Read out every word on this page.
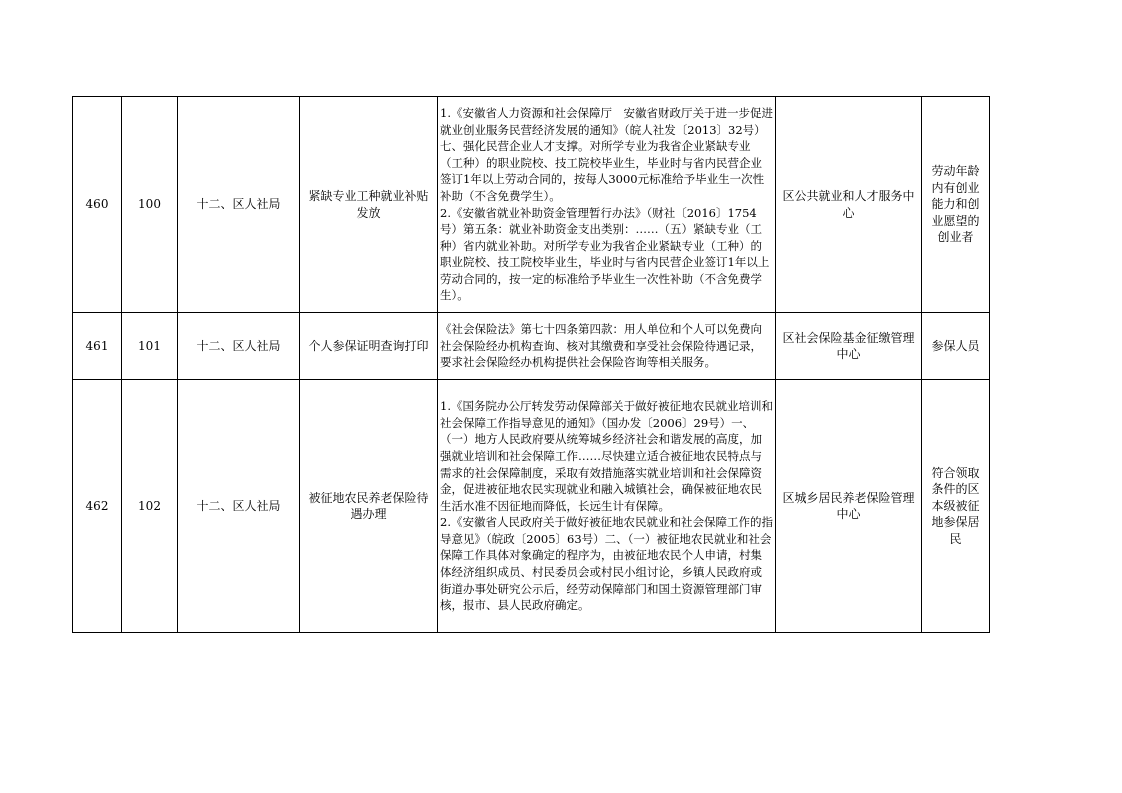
460	100	十二、区人社局	紧缺专业工种就业补贴发放	1.《安徽省人力资源和社会保障厅　安徽省财政厅关于进一步促进就业创业服务民营经济发展的通知》（皖人社发〔2013〕32号）七、强化民营企业人才支撑。对所学专业为我省企业紧缺专业（工种）的职业院校、技工院校毕业生，毕业时与省内民营企业签订1年以上劳动合同的，按每人3000元标准给予毕业生一次性补助（不含免费学生）。
2.《安徽省就业补助资金管理暂行办法》（财社〔2016〕1754号）第五条：就业补助资金支出类别：……（五）紧缺专业（工种）省内就业补助。对所学专业为我省企业紧缺专业（工种）的职业院校、技工院校毕业生，毕业时与省内民营企业签订1年以上劳动合同的，按一定的标准给予毕业生一次性补助（不含免费学生）。	区公共就业和人才服务中心	劳动年龄内有创业能力和创业愿望的创业者
461	101	十二、区人社局	个人参保证明查询打印	《社会保险法》第七十四条第四款：用人单位和个人可以免费向社会保险经办机构查询、核对其缴费和享受社会保险待遇记录，要求社会保险经办机构提供社会保险咨询等相关服务。	区社会保险基金征缴管理中心	参保人员
462	102	十二、区人社局	被征地农民养老保险待遇办理	1.《国务院办公厅转发劳动保障部关于做好被征地农民就业培训和社会保障工作指导意见的通知》（国办发〔2006〕29号）一、（一）地方人民政府要从统筹城乡经济社会和谐发展的高度，加强就业培训和社会保障工作……尽快建立适合被征地农民特点与需求的社会保障制度，采取有效措施落实就业培训和社会保障资金，促进被征地农民实现就业和融入城镇社会，确保被征地农民生活水准不因征地而降低，长远生计有保障。
2.《安徽省人民政府关于做好被征地农民就业和社会保障工作的指导意见》（皖政〔2005〕63号）二、（一）被征地农民就业和社会保障工作具体对象确定的程序为，由被征地农民个人申请，村集体经济组织成员、村民委员会或村民小组讨论，乡镇人民政府或街道办事处研究公示后，经劳动保障部门和国土资源管理部门审核，报市、县人民政府确定。	区城乡居民养老保险管理中心	符合领取条件的区本级被征地参保居民
